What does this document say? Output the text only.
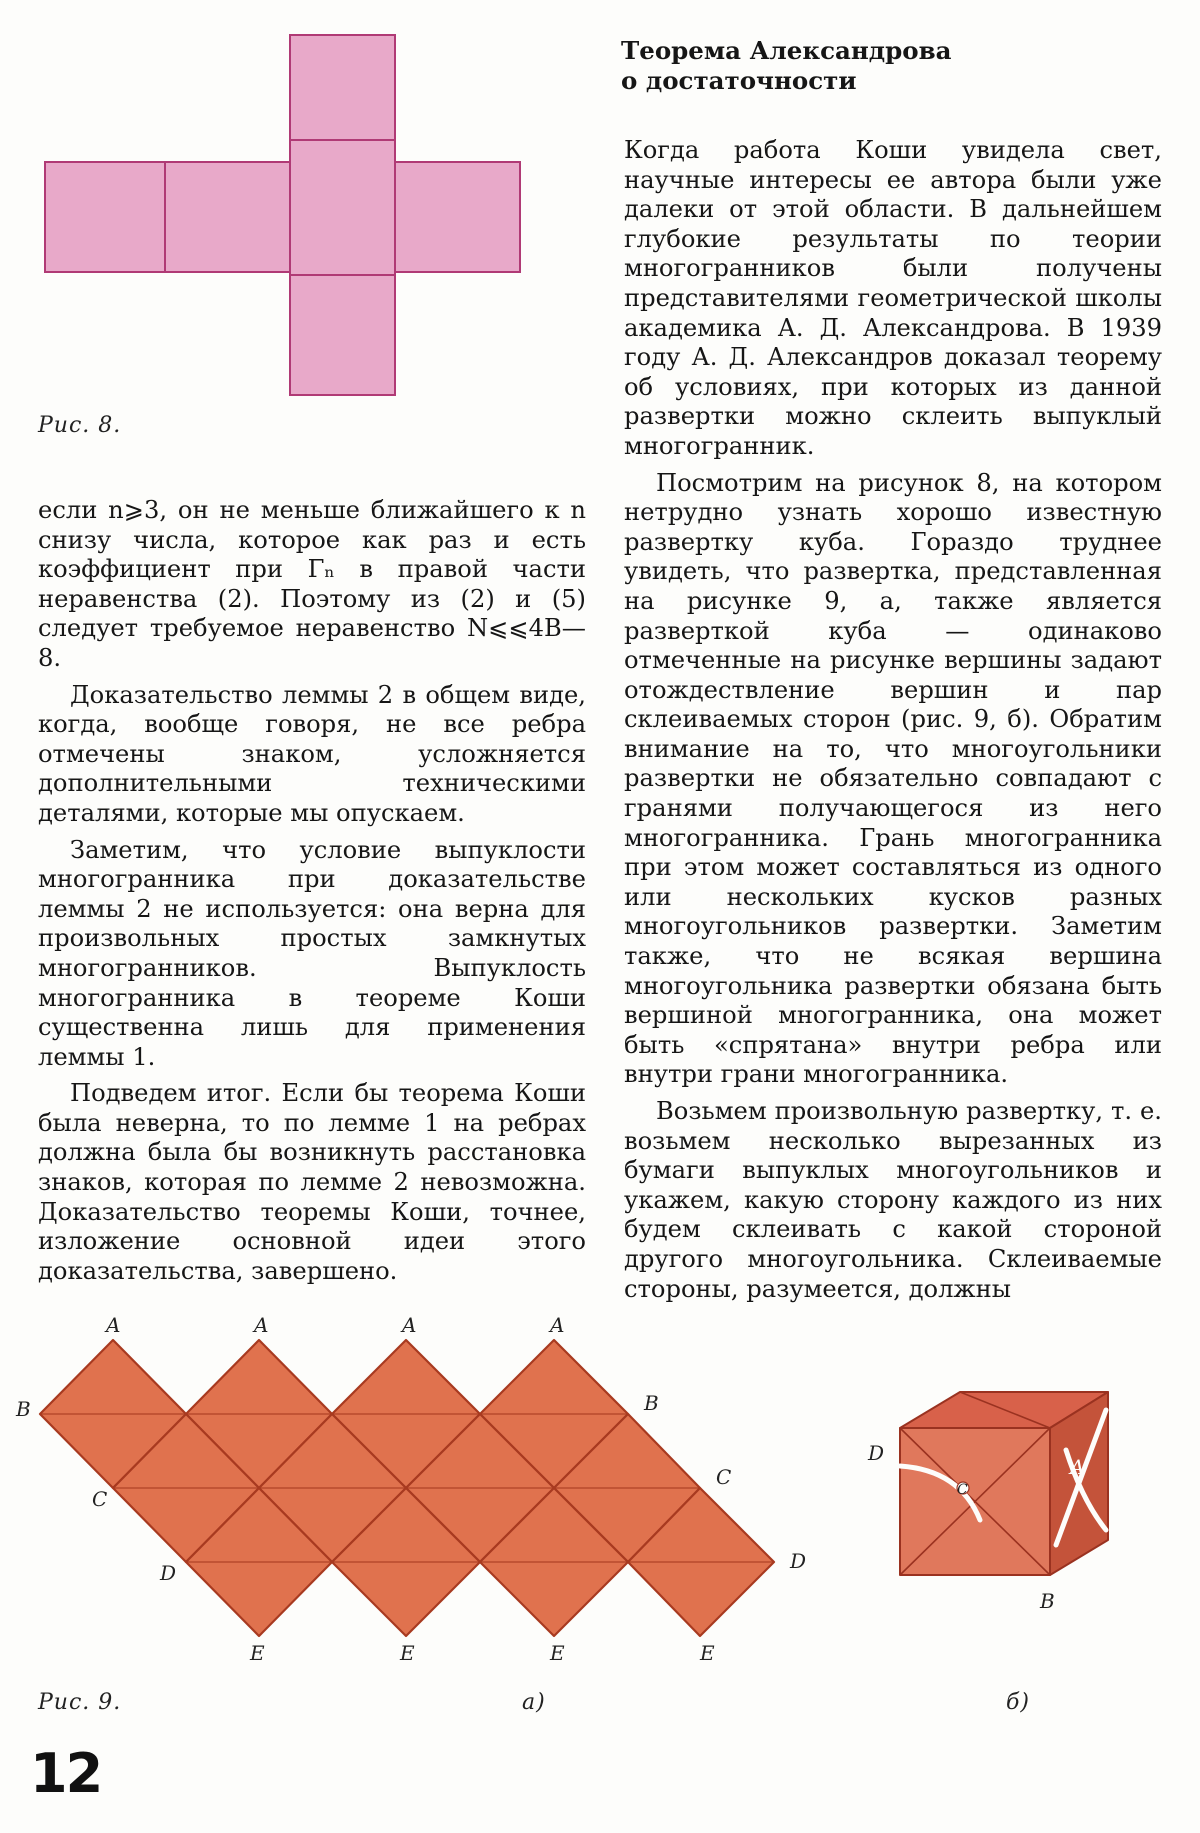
Рис. 8.

если n⩾3, он не меньше ближайшего к n снизу числа, которое как раз и есть коэффициент при Γₙ в правой части неравенства (2). Поэтому из (2) и (5) следует требуемое неравенство N⩽⩽4В—8.

Доказательство леммы 2 в общем виде, когда, вообще говоря, не все ребра отмечены знаком, усложняется дополнительными техническими деталями, которые мы опускаем.

Заметим, что условие выпуклости многогранника при доказательстве леммы 2 не используется: она верна для произвольных простых замкнутых многогранников. Выпуклость многогранника в теореме Коши существенна лишь для применения леммы 1.

Подведем итог. Если бы теорема Коши была неверна, то по лемме 1 на ребрах должна была бы возникнуть расстановка знаков, которая по лемме 2 невозможна. Доказательство теоремы Коши, точнее, изложение основной идеи этого доказательства, завершено.

Теорема Александрова
о достаточности

Когда работа Коши увидела свет, научные интересы ее автора были уже далеки от этой области. В дальнейшем глубокие результаты по теории многогранников были получены представителями геометрической школы академика А. Д. Александрова. В 1939 году А. Д. Александров доказал теорему об условиях, при которых из данной развертки можно склеить выпуклый многогранник.

Посмотрим на рисунок 8, на котором нетрудно узнать хорошо известную развертку куба. Гораздо труднее увидеть, что развертка, представленная на рисунке 9, а, также является разверткой куба — одинаково отмеченные на рисунке вершины задают отождествление вершин и пар склеиваемых сторон (рис. 9, б). Обратим внимание на то, что многоугольники развертки не обязательно совпадают с гранями получающегося из него многогранника. Грань многогранника при этом может составляться из одного или нескольких кусков разных многоугольников развертки. Заметим также, что не всякая вершина многоугольника развертки обязана быть вершиной многогранника, она может быть «спрятана» внутри ребра или внутри грани многогранника.

Возьмем произвольную развертку, т. е. возьмем несколько вырезанных из бумаги выпуклых многоугольников и укажем, какую сторону каждого из них будем склеивать с какой стороной другого многоугольника. Склеиваемые стороны, разумеется, должны

A	A	A	A
B	B
C
C
D	D
E	E	E	E
D
A
C
B
Рис. 9.	а)	б)
12
